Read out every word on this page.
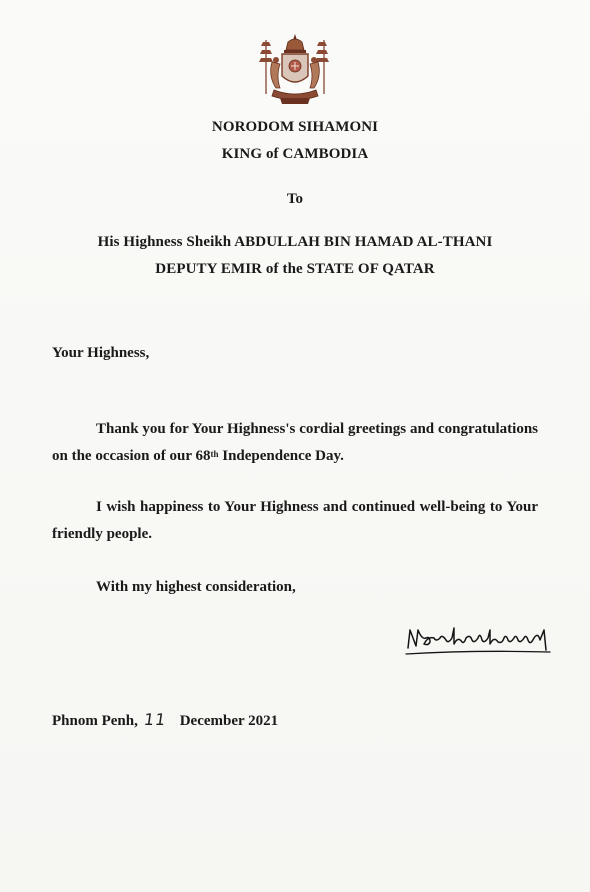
NORODOM SIHAMONI
KING of CAMBODIA
To
His Highness Sheikh ABDULLAH BIN HAMAD AL-THANI
DEPUTY EMIR of the STATE OF QATAR
Your Highness,
Thank you for Your Highness's cordial greetings and congratulations on the occasion of our 68th Independence Day.
I wish happiness to Your Highness and continued well-being to Your friendly people.
With my highest consideration,
Phnom Penh, 11 December 2021
